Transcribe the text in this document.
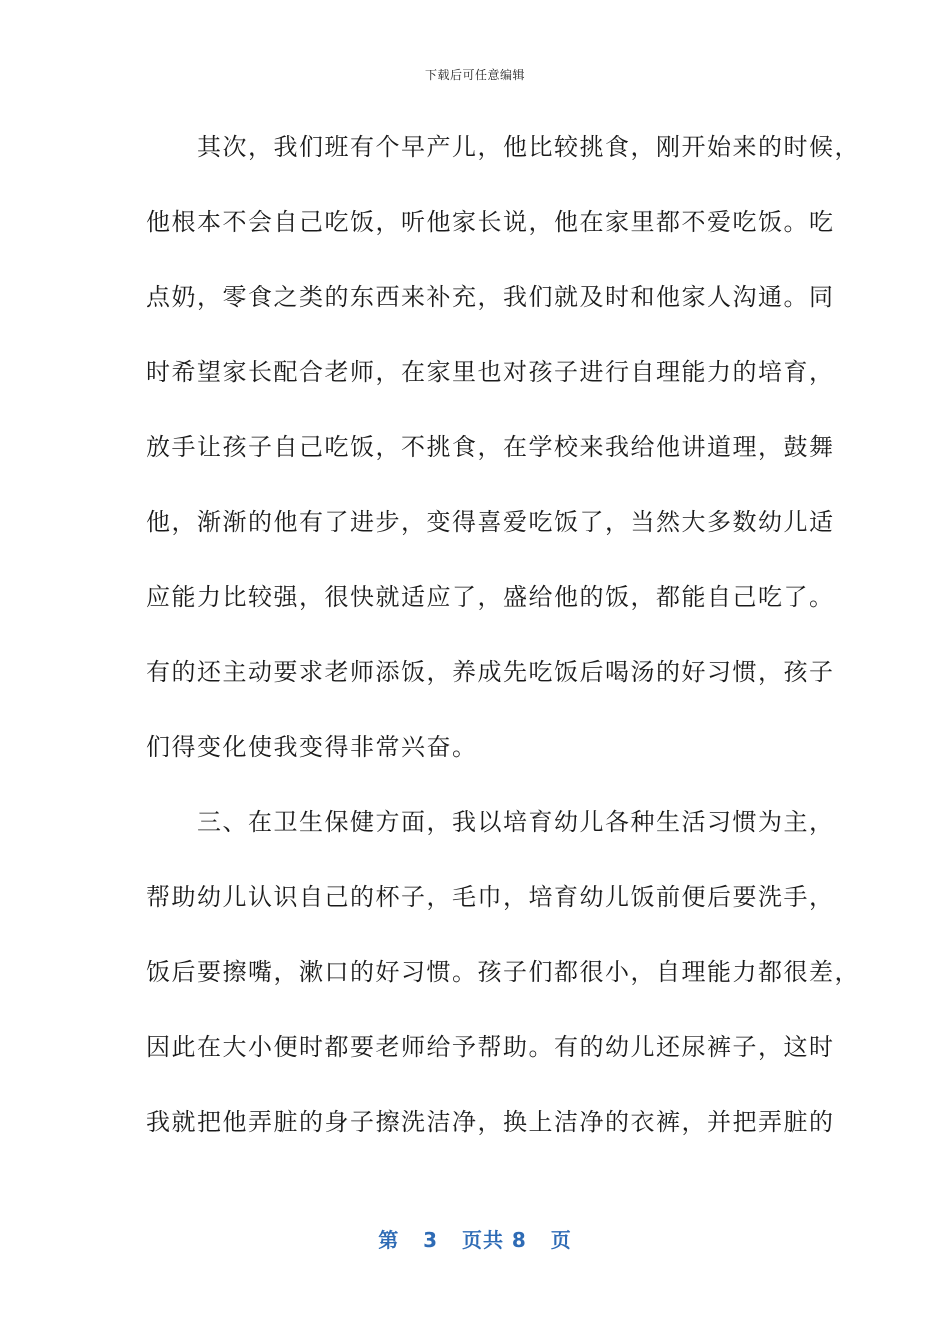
下载后可任意编辑
　　其次，我们班有个早产儿，他比较挑食，刚开始来的时候，
他根本不会自己吃饭，听他家长说，他在家里都不爱吃饭。吃
点奶，零食之类的东西来补充，我们就及时和他家人沟通。同
时希望家长配合老师，在家里也对孩子进行自理能力的培育，
放手让孩子自己吃饭，不挑食，在学校来我给他讲道理，鼓舞
他，渐渐的他有了进步，变得喜爱吃饭了，当然大多数幼儿适
应能力比较强，很快就适应了，盛给他的饭，都能自己吃了。
有的还主动要求老师添饭，养成先吃饭后喝汤的好习惯，孩子
们得变化使我变得非常兴奋。
　　三、在卫生保健方面，我以培育幼儿各种生活习惯为主，
帮助幼儿认识自己的杯子，毛巾，培育幼儿饭前便后要洗手，
饭后要擦嘴，漱口的好习惯。孩子们都很小，自理能力都很差，
因此在大小便时都要老师给予帮助。有的幼儿还尿裤子，这时
我就把他弄脏的身子擦洗洁净，换上洁净的衣裤，并把弄脏的
第 3 页共 8 页
